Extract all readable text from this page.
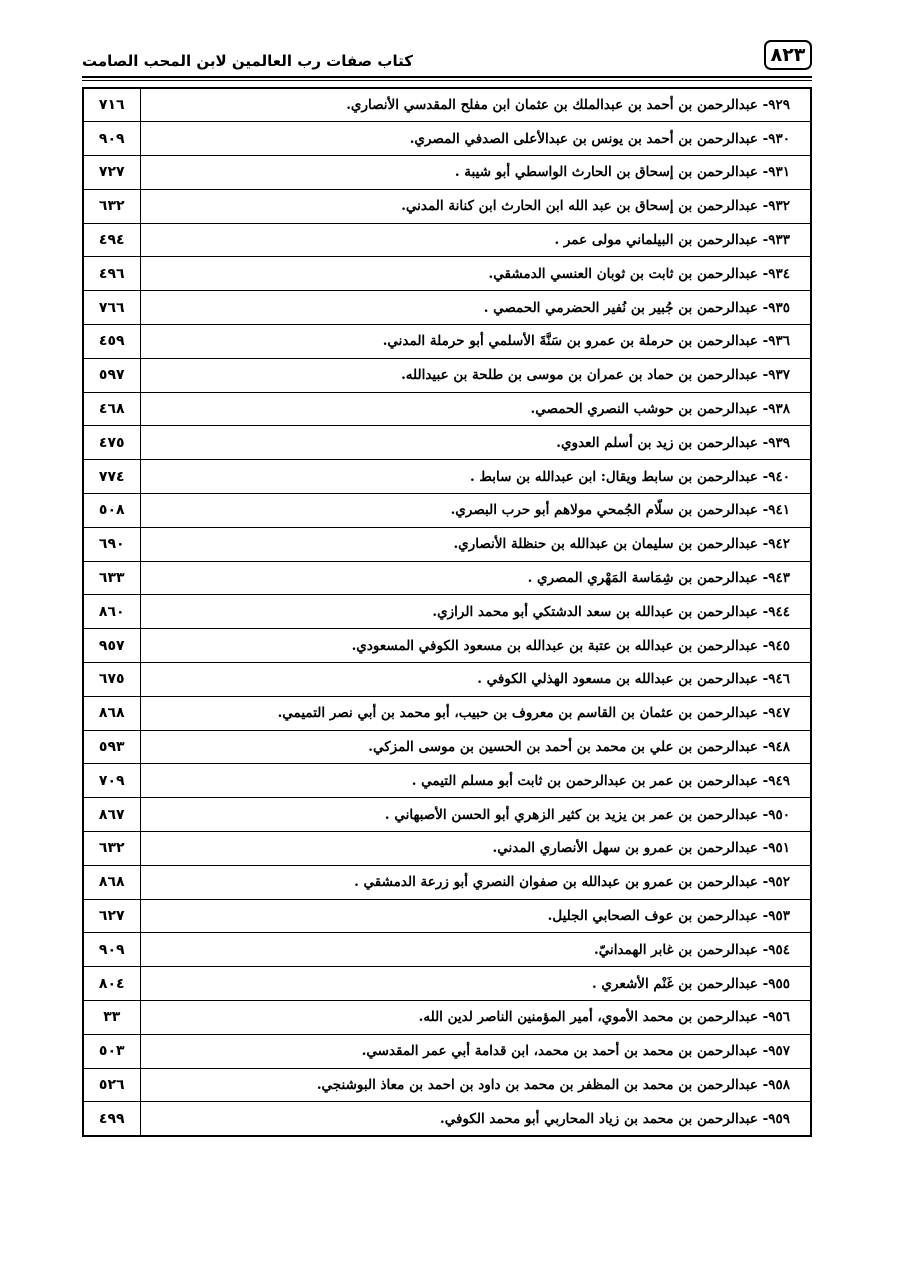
كتاب صفات رب العالمين لابن المحب الصامت	٨٢٣
٧١٦	٩٢٩- عبدالرحمن بن أحمد بن عبدالملك بن عثمان ابن مفلح المقدسي الأنصاري.
٩٠٩	٩٣٠- عبدالرحمن بن أحمد بن يونس بن عبدالأعلى الصدفي المصري.
٧٢٧	٩٣١- عبدالرحمن بن إسحاق بن الحارث الواسطي أبو شيبة .
٦٣٢	٩٣٢- عبدالرحمن بن إسحاق بن عبد الله ابن الحارث ابن كنانة المدني.
٤٩٤	٩٣٣- عبدالرحمن بن البيلماني مولى عمر .
٤٩٦	٩٣٤- عبدالرحمن بن ثابت بن ثوبان العنسي الدمشقي.
٧٦٦	٩٣٥- عبدالرحمن بن جُبير بن نُفير الحضرمي الحمصي .
٤٥٩	٩٣٦- عبدالرحمن بن حرملة بن عمرو بن سَنَّةَ الأسلمي أبو حرملة المدني.
٥٩٧	٩٣٧- عبدالرحمن بن حماد بن عمران بن موسى بن طلحة بن عبيدالله.
٤٦٨	٩٣٨- عبدالرحمن بن حوشب النصري الحمصي.
٤٧٥	٩٣٩- عبدالرحمن بن زيد بن أسلم العدوي.
٧٧٤	٩٤٠- عبدالرحمن بن سابط ويقال: ابن عبدالله بن سابط .
٥٠٨	٩٤١- عبدالرحمن بن سلّام الجُمحي مولاهم أبو حرب البصري.
٦٩٠	٩٤٢- عبدالرحمن بن سليمان بن عبدالله بن حنظلة الأنصاري.
٦٣٣	٩٤٣- عبدالرحمن بن شِمَاسة المَهْري المصري .
٨٦٠	٩٤٤- عبدالرحمن بن عبدالله بن سعد الدشتكي أبو محمد الرازي.
٩٥٧	٩٤٥- عبدالرحمن بن عبدالله بن عتبة بن عبدالله بن مسعود الكوفي المسعودي.
٦٧٥	٩٤٦- عبدالرحمن بن عبدالله بن مسعود الهذلي الكوفي .
٨٦٨	٩٤٧- عبدالرحمن بن عثمان بن القاسم بن معروف بن حبيب، أبو محمد بن أبي نصر التميمي.
٥٩٣	٩٤٨- عبدالرحمن بن علي بن محمد بن أحمد بن الحسين بن موسى المزكي.
٧٠٩	٩٤٩- عبدالرحمن بن عمر بن عبدالرحمن بن ثابت أبو مسلم التيمي .
٨٦٧	٩٥٠- عبدالرحمن بن عمر بن يزيد بن كثير الزهري أبو الحسن الأصبهاني .
٦٣٢	٩٥١- عبدالرحمن بن عمرو بن سهل الأنصاري المدني.
٨٦٨	٩٥٢- عبدالرحمن بن عمرو بن عبدالله بن صفوان النصري أبو زرعة الدمشقي .
٦٢٧	٩٥٣- عبدالرحمن بن عوف الصحابي الجليل.
٩٠٩	٩٥٤- عبدالرحمن بن غابر الهمدانيّ.
٨٠٤	٩٥٥- عبدالرحمن بن غَنْم الأشعري .
٣٣	٩٥٦- عبدالرحمن بن محمد الأموي، أمير المؤمنين الناصر لدين الله.
٥٠٣	٩٥٧- عبدالرحمن بن محمد بن أحمد بن محمد، ابن قدامة أبي عمر المقدسي.
٥٢٦	٩٥٨- عبدالرحمن بن محمد بن المظفر بن محمد بن داود بن احمد بن معاذ البوشنجي.
٤٩٩	٩٥٩- عبدالرحمن بن محمد بن زياد المحاربي أبو محمد الكوفي.
